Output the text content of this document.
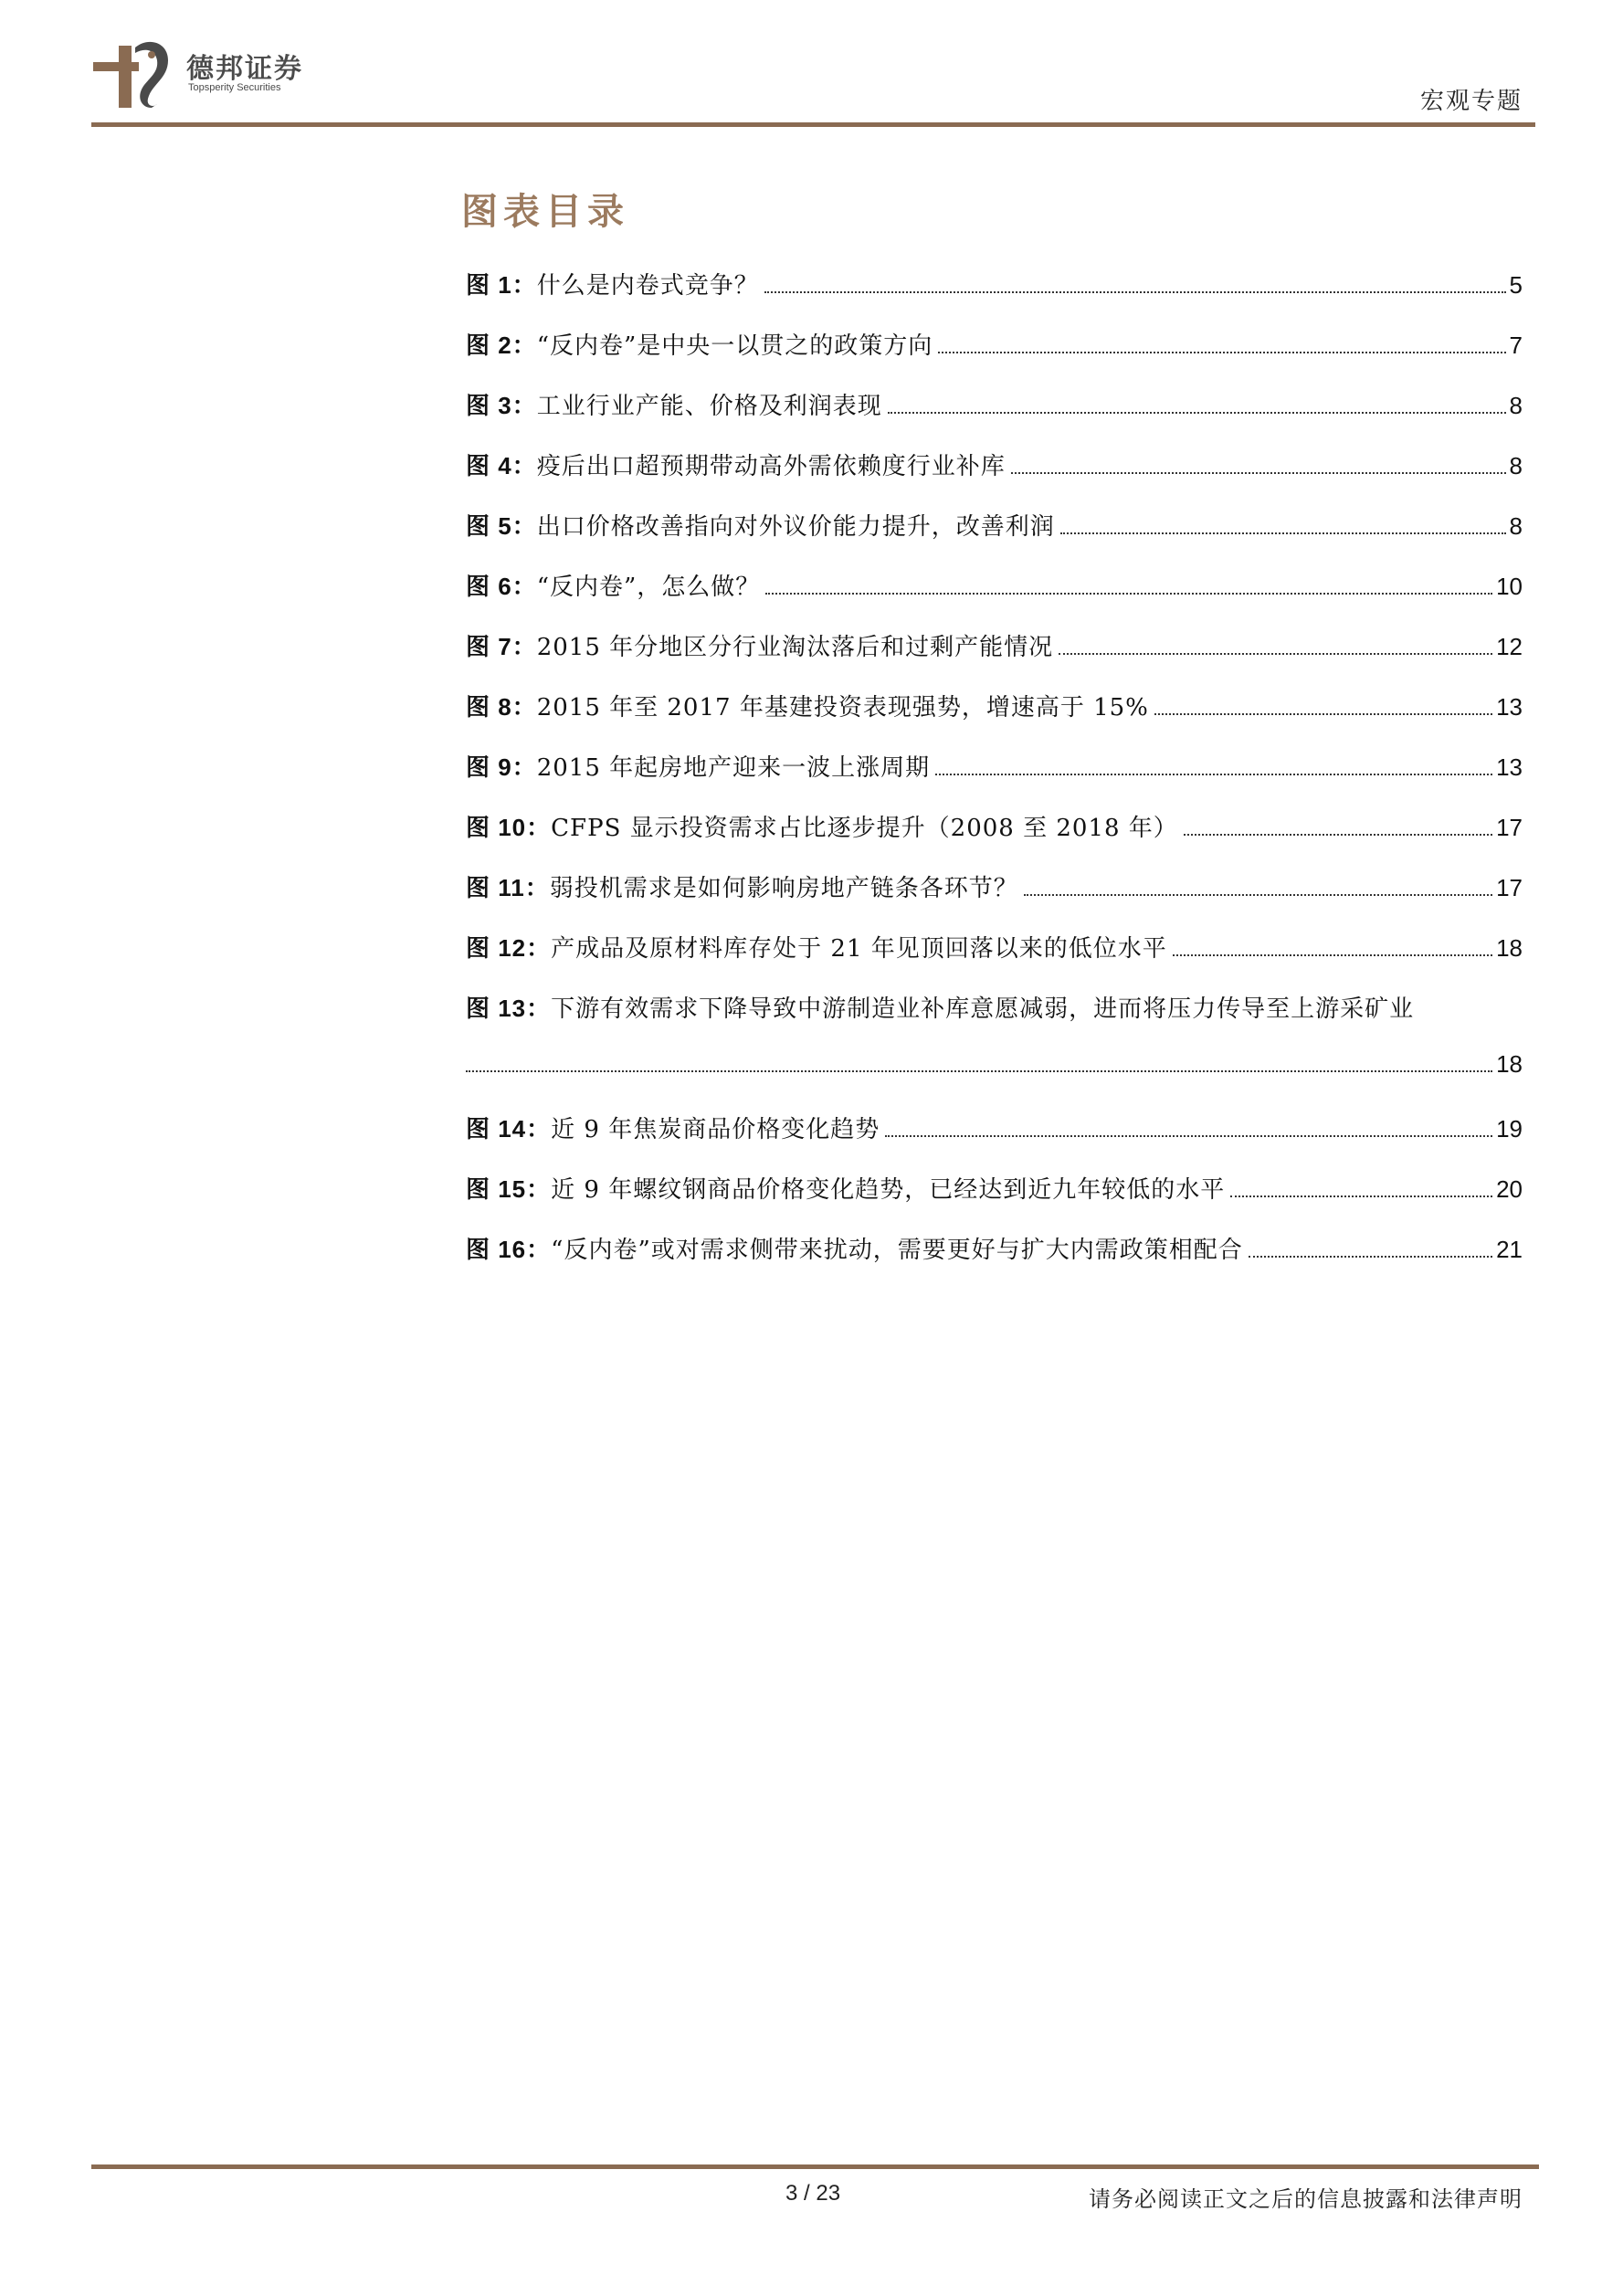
德邦证券
Topsperity Securities	宏观专题
图表目录
图 1：什么是内卷式竞争？	5
图 2：“反内卷”是中央一以贯之的政策方向	7
图 3：工业行业产能、价格及利润表现	8
图 4：疫后出口超预期带动高外需依赖度行业补库	8
图 5：出口价格改善指向对外议价能力提升，改善利润	8
图 6：“反内卷”，怎么做？	10
图 7：2015 年分地区分行业淘汰落后和过剩产能情况	12
图 8：2015 年至 2017 年基建投资表现强势，增速高于 15%	13
图 9：2015 年起房地产迎来一波上涨周期	13
图 10：CFPS 显示投资需求占比逐步提升（2008 至 2018 年）	17
图 11：弱投机需求是如何影响房地产链条各环节？	17
图 12：产成品及原材料库存处于 21 年见顶回落以来的低位水平	18
图 13：下游有效需求下降导致中游制造业补库意愿减弱，进而将压力传导至上游采矿业
18
图 14：近 9 年焦炭商品价格变化趋势	19
图 15：近 9 年螺纹钢商品价格变化趋势，已经达到近九年较低的水平	20
图 16：“反内卷”或对需求侧带来扰动，需要更好与扩大内需政策相配合	21
3 / 23	请务必阅读正文之后的信息披露和法律声明
